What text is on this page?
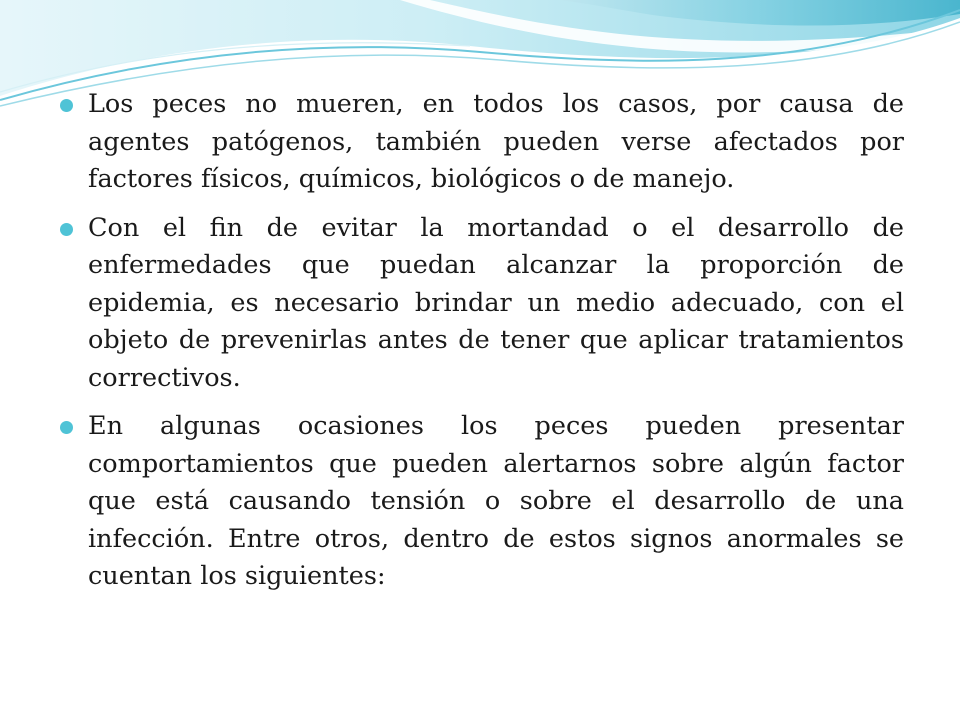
Los peces no mueren, en todos los casos, por causa de agentes patógenos, también pueden verse afectados por factores físicos, químicos, biológicos o de manejo.
Con el fin de evitar la mortandad o el desarrollo de enfermedades que puedan alcanzar la proporción de epidemia, es necesario brindar un medio adecuado, con el objeto de prevenirlas antes de tener que aplicar tratamientos correctivos.
En algunas ocasiones los peces pueden presentar comportamientos que pueden alertarnos sobre algún factor que está causando tensión o sobre el desarrollo de una infección. Entre otros, dentro de estos signos anormales se cuentan los siguientes:
